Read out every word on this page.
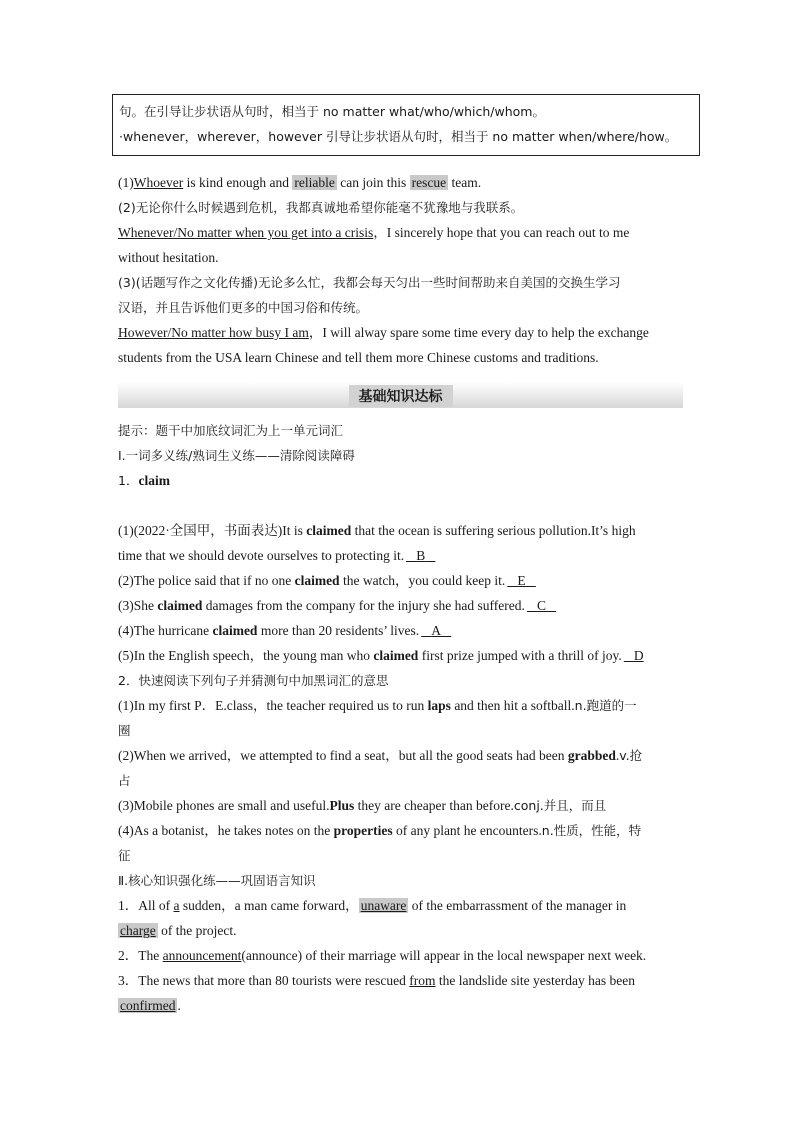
句。在引导让步状语从句时，相当于 no matter what/who/which/whom。

·whenever，wherever，however 引导让步状语从句时，相当于 no matter when/where/how。

(1)Whoever is kind enough and reliable can join this rescue team.

(2)无论你什么时候遇到危机，我都真诚地希望你能毫不犹豫地与我联系。

Whenever/No matter when you get into a crisis，I sincerely hope that you can reach out to me

without hesitation.

(3)(话题写作之文化传播)无论多么忙，我都会每天匀出一些时间帮助来自美国的交换生学习

汉语，并且告诉他们更多的中国习俗和传统。

However/No matter how busy I am，I will alway spare some time every day to help the exchange

students from the USA learn Chinese and tell them more Chinese customs and traditions.

基础知识达标

提示：题干中加底纹词汇为上一单元词汇

Ⅰ.一词多义练/熟词生义练——清除阅读障碍

1．claim

(1)(2022·全国甲，书面表达)It is claimed that the ocean is suffering serious pollution.It’s high

time that we should devote ourselves to protecting it. B

(2)The police said that if no one claimed the watch，you could keep it. E

(3)She claimed damages from the company for the injury she had suffered. C

(4)The hurricane claimed more than 20 residents’ lives. A

(5)In the English speech，the young man who claimed first prize jumped with a thrill of joy. D

2．快速阅读下列句子并猜测句中加黑词汇的意思

(1)In my first P．E.class，the teacher required us to run laps and then hit a softball.n.跑道的一

圈

(2)When we arrived，we attempted to find a seat，but all the good seats had been grabbed.v.抢

占

(3)Mobile phones are small and useful.Plus they are cheaper than before.conj.并且，而且

(4)As a botanist，he takes notes on the properties of any plant he encounters.n.性质，性能，特

征

Ⅱ.核心知识强化练——巩固语言知识

1．All of a sudden，a man came forward， unaware of the embarrassment of the manager in

charge of the project.

2．The announcement(announce) of their marriage will appear in the local newspaper next week.

3．The news that more than 80 tourists were rescued from the landslide site yesterday has been

confirmed .
